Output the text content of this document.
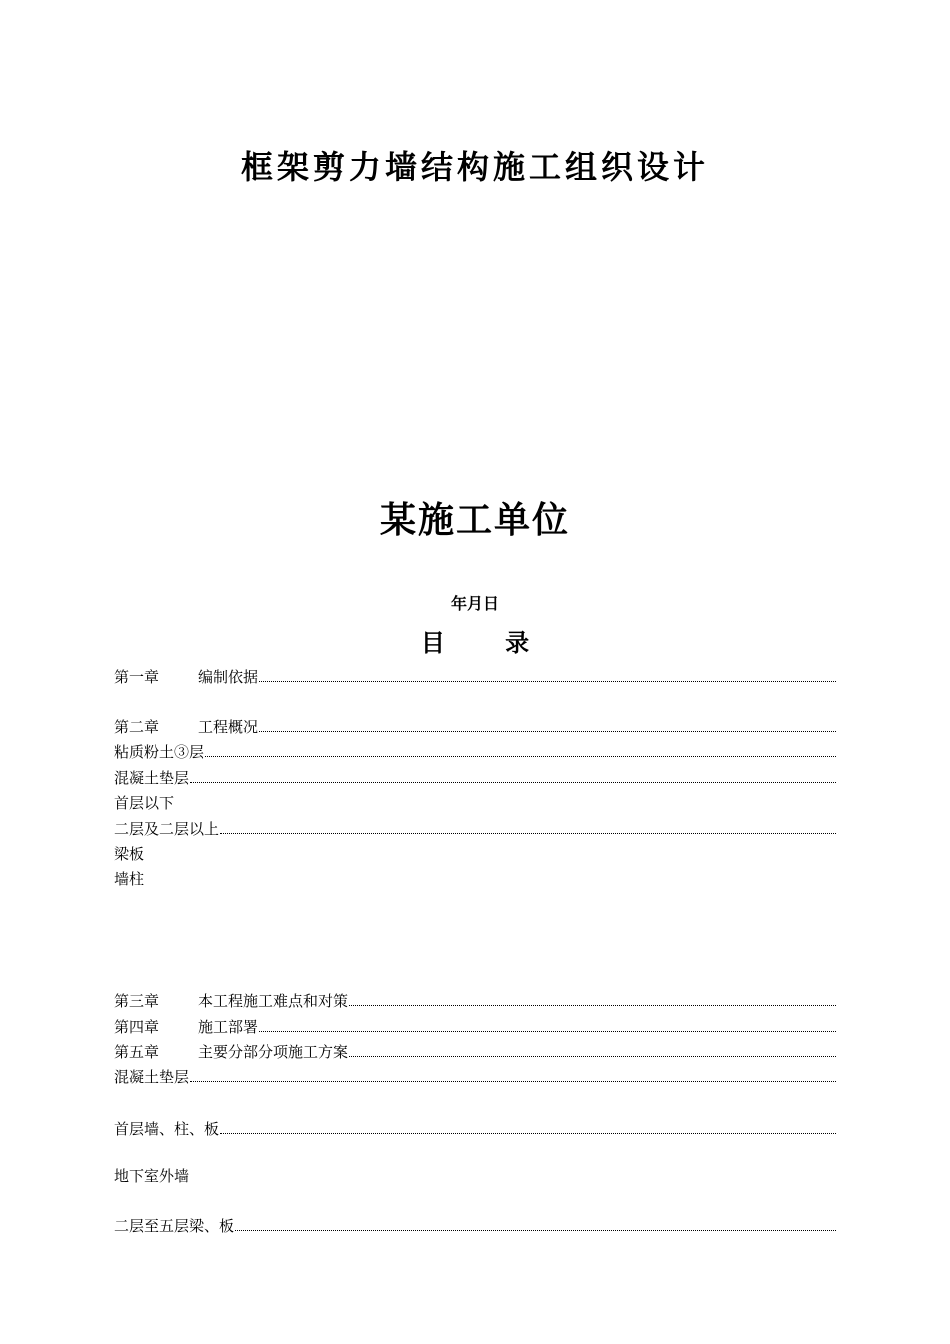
框架剪力墙结构施工组织设计
某施工单位
年月日
目 录
第一章	编制依据
第二章	工程概况
粘质粉土③层
混凝土垫层
首层以下
二层及二层以上
梁板
墙柱
第三章	本工程施工难点和对策
第四章	施工部署
第五章	主要分部分项施工方案
混凝土垫层
首层墙、柱、板
地下室外墙
二层至五层梁、板
